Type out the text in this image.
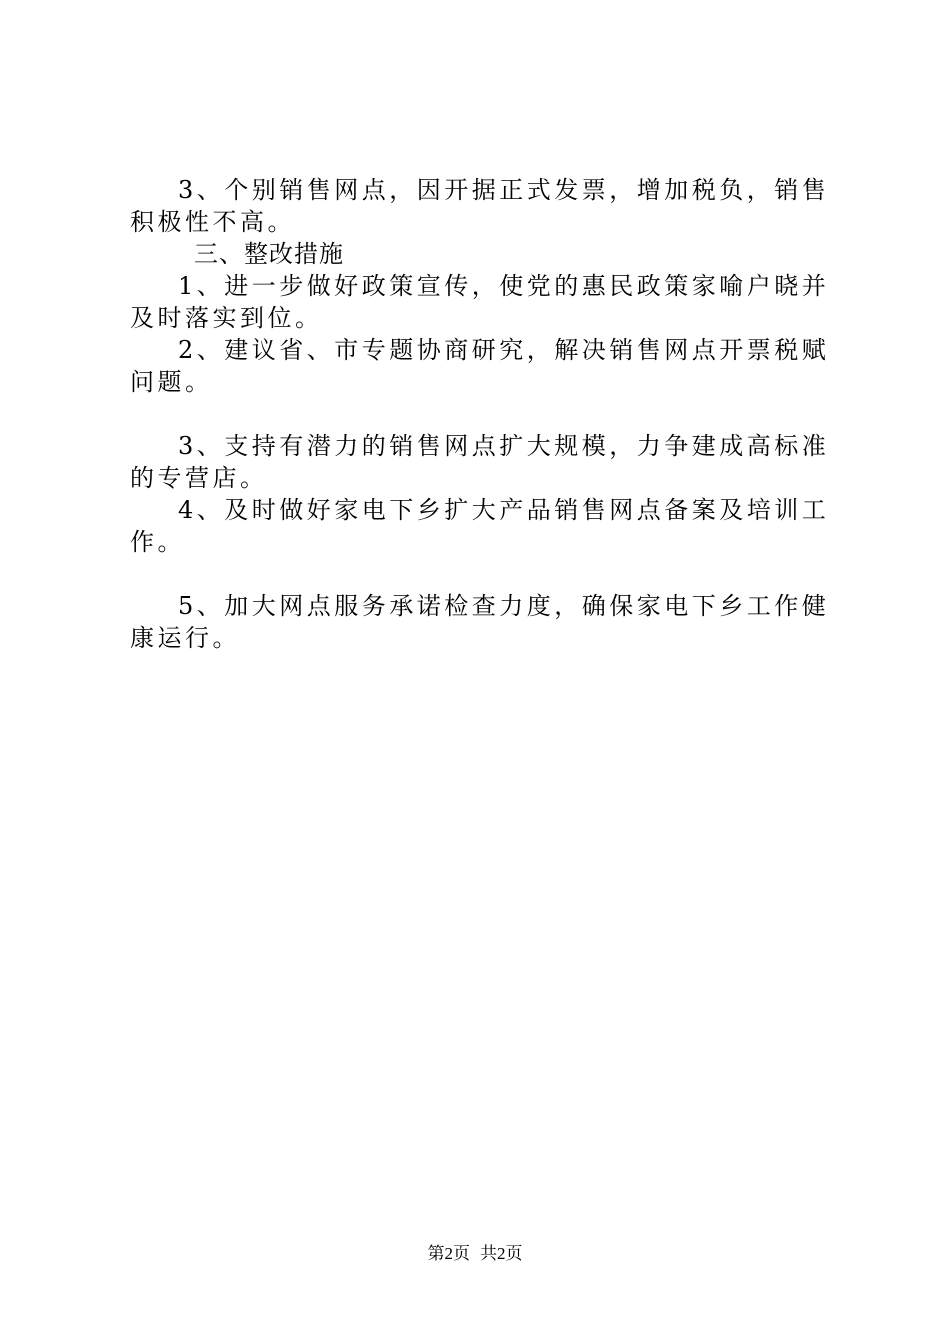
3、个别销售网点，因开据正式发票，增加税负，销售积极性不高。

三、整改措施

1、进一步做好政策宣传，使党的惠民政策家喻户晓并及时落实到位。

2、建议省、市专题协商研究，解决销售网点开票税赋问题。

3、支持有潜力的销售网点扩大规模，力争建成高标准的专营店。

4、及时做好家电下乡扩大产品销售网点备案及培训工作。

5、加大网点服务承诺检查力度，确保家电下乡工作健康运行。

第2页 共2页
